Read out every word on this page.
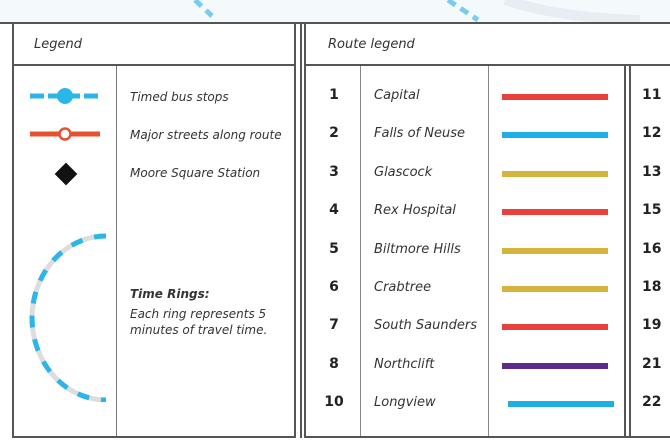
Legend
Timed bus stops
Major streets along route
Moore Square Station
Time Rings:
Each ring represents 5
minutes of travel time.
Route legend
1	Capital	11
2	Falls of Neuse	12
3	Glascock	13
4	Rex Hospital	15
5	Biltmore Hills	16
6	Crabtree	18
7	South Saunders	19
8	Northclift	21
10	Longview	22
